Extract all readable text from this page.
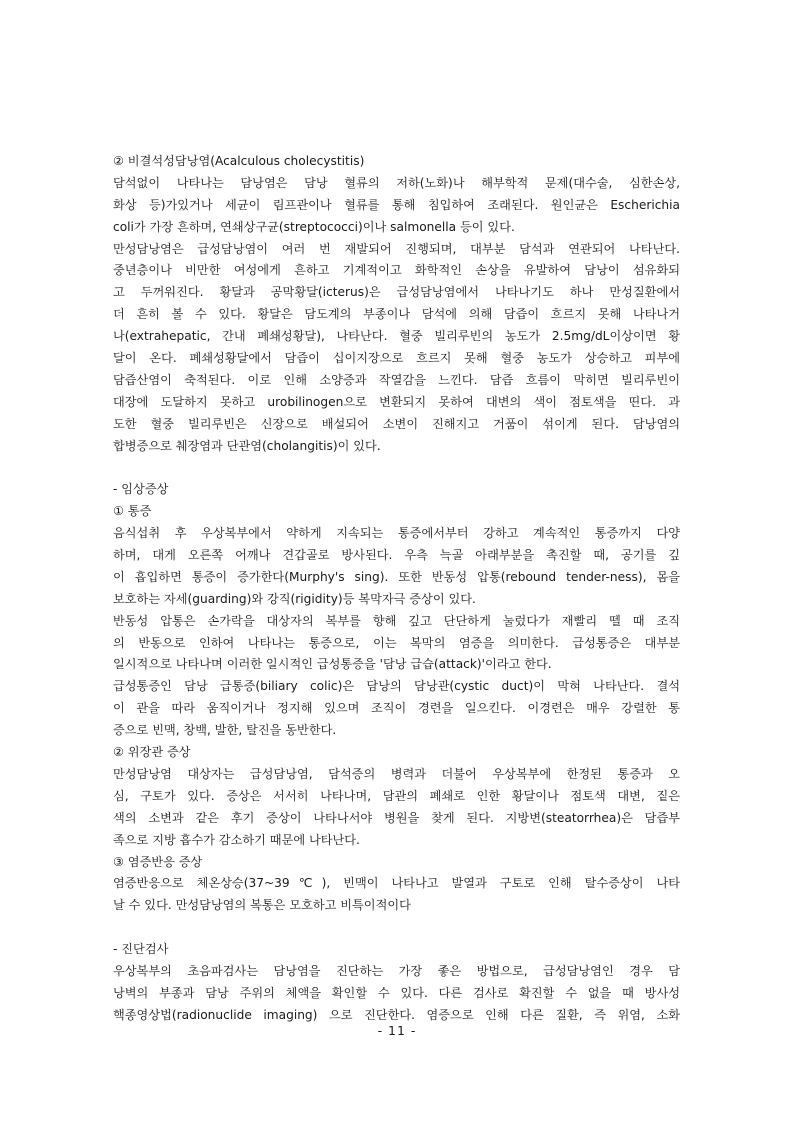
② 비결석성담낭염(Acalculous cholecystitis)
담석없이 나타나는 담낭염은 담낭 혈류의 저하(노화)나 해부학적 문제(대수술, 심한손상,
화상 등)가있거나 세균이 림프관이나 혈류를 통해 침입하여 조래된다. 원인균은 Escherichia
coli가 가장 흔하며, 연쇄상구균(streptococci)이나 salmonella 등이 있다.
만성담낭염은 급성담낭염이 여러 번 재발되어 진행되며, 대부분 담석과 연관되어 나타난다.
중년층이나 비만한 여성에게 흔하고 기계적이고 화학적인 손상을 유발하여 담낭이 섬유화되
고 두꺼워진다. 황달과 공막황달(icterus)은 급성담낭염에서 나타나기도 하나 만성질환에서
더 흔히 볼 수 있다. 황달은 담도계의 부종이나 담석에 의해 담즙이 흐르지 못해 나타나거
나(extrahepatic, 간내 폐쇄성황달), 나타난다. 혈중 빌리루빈의 농도가 2.5mg/dL이상이면 황
달이 온다. 폐쇄성황달에서 담즙이 십이지장으로 흐르지 못해 혈중 농도가 상승하고 피부에
담즙산염이 축적된다. 이로 인해 소양증과 작열감을 느낀다. 담즙 흐름이 막히면 빌리루빈이
대장에 도달하지 못하고 urobilinogen으로 변환되지 못하여 대변의 색이 점토색을 띤다. 과
도한 혈중 빌리루빈은 신장으로 배설되어 소변이 진해지고 거품이 섞이게 된다. 담낭염의
합병증으로 췌장염과 단관염(cholangitis)이 있다.
- 임상증상
① 통증
음식섭취 후 우상복부에서 약하게 지속되는 통증에서부터 강하고 계속적인 통증까지 다양
하며, 대게 오른쪽 어깨나 견갑골로 방사된다. 우측 늑골 아래부분을 촉진할 때, 공기를 깊
이 흡입하면 통증이 증가한다(Murphy's sing). 또한 반동성 압통(rebound tender-ness), 몸을
보호하는 자세(guarding)와 강직(rigidity)등 복막자극 증상이 있다.
반동성 압통은 손가락을 대상자의 복부를 향해 깊고 단단하게 눌렀다가 재빨리 뗄 때 조직
의 반동으로 인하여 나타나는 통증으로, 이는 복막의 염증을 의미한다. 급성통증은 대부분
일시적으로 나타나며 이러한 일시적인 급성통증을 '담낭 급습(attack)'이라고 한다.
급성통증인 담낭 급통증(biliary colic)은 담낭의 담낭관(cystic duct)이 막혀 나타난다. 결석
이 관을 따라 움직이거나 정지해 있으며 조직이 경련을 일으킨다. 이경련은 매우 강렬한 통
증으로 빈맥, 창백, 발한, 탈진을 동반한다.
② 위장관 증상
만성담낭염 대상자는 급성담낭염, 담석증의 병력과 더불어 우상복부에 한정된 통증과 오
심, 구토가 있다. 증상은 서서히 나타나며, 담관의 폐쇄로 인한 황달이나 점토색 대변, 짙은
색의 소변과 같은 후기 증상이 나타나서야 병원을 찾게 된다. 지방변(steatorrhea)은 담즙부
족으로 지방 흡수가 감소하기 때문에 나타난다.
③ 염증반응 증상
염증반응으로 체온상승(37~39℃), 빈맥이 나타나고 발열과 구토로 인해 탈수증상이 나타
날 수 있다. 만성담낭염의 복통은 모호하고 비특이적이다
- 진단검사
우상복부의 초음파검사는 담낭염을 진단하는 가장 좋은 방법으로, 급성담낭염인 경우 담
낭벽의 부종과 담낭 주위의 체액을 확인할 수 있다. 다른 검사로 확진할 수 없을 때 방사성
핵종영상법(radionuclide imaging) 으로 진단한다. 염증으로 인해 다른 질환, 즉 위염, 소화
- 11 -
